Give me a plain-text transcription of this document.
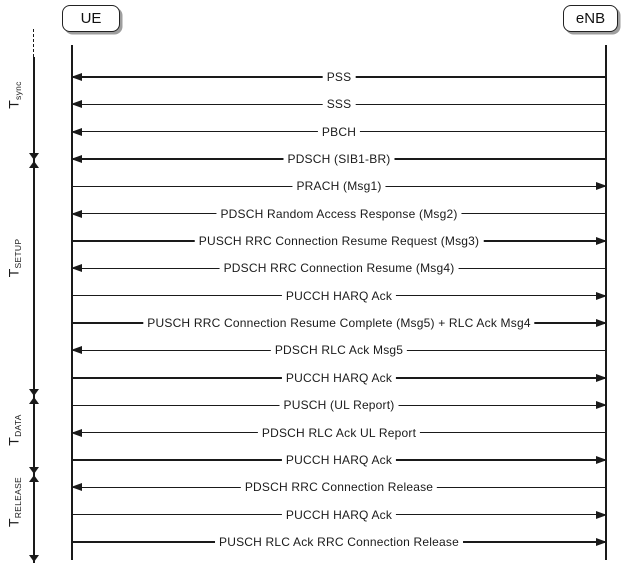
UE	eNB
$T_{sync}$
$T_{SETUP}$
$T_{DATA}$
$T_{RELEASE}$
PSS
SSS
PBCH
PDSCH (SIB1-BR)
PRACH (Msg1)
PDSCH Random Access Response (Msg2)
PUSCH RRC Connection Resume Request (Msg3)
PDSCH RRC Connection Resume (Msg4)
PUCCH HARQ Ack
PUSCH RRC Connection Resume Complete (Msg5) + RLC Ack Msg4
PDSCH RLC Ack Msg5
PUCCH HARQ Ack
PUSCH (UL Report)
PDSCH RLC Ack UL Report
PUCCH HARQ Ack
PDSCH RRC Connection Release
PUCCH HARQ Ack
PUSCH RLC Ack RRC Connection Release
